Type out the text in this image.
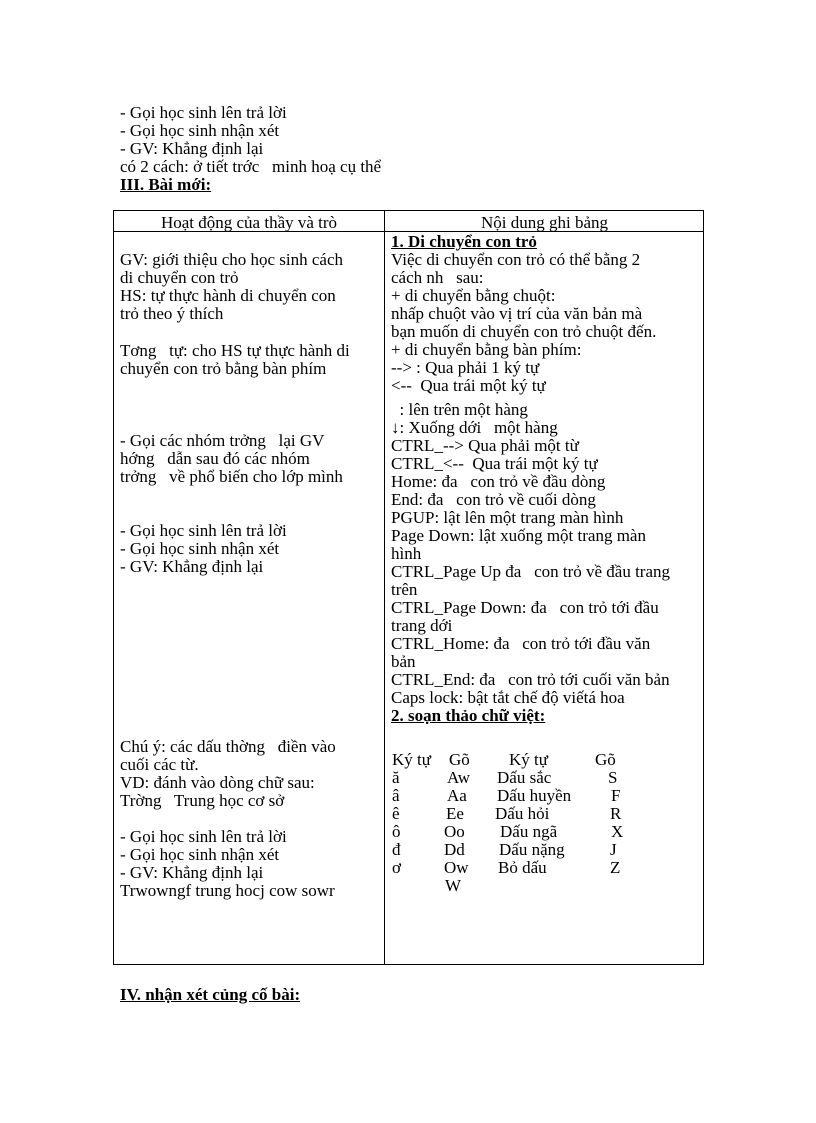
- Gọi học sinh lên trả lời
- Gọi học sinh nhận xét
- GV: Khẳng định lại
có 2 cách: ở tiết trớc   minh hoạ cụ thể
III. Bài mới:
Hoạt động của thầy và trò	Nội dung ghi bảng
GV: giới thiệu cho học sinh cách
di chuyển con trỏ
HS: tự thực hành di chuyển con
trỏ theo ý thích
Tơng   tự: cho HS tự thực hành di
chuyển con trỏ bằng bàn phím
- Gọi các nhóm trởng   lại GV
hớng   dẫn sau đó các nhóm
trởng   về phổ biến cho lớp mình
- Gọi học sinh lên trả lời
- Gọi học sinh nhận xét
- GV: Khẳng định lại
Chú ý: các dấu thờng   điền vào
cuối các từ.
VD: đánh vào dòng chữ sau:
Trờng   Trung học cơ sở
- Gọi học sinh lên trả lời
- Gọi học sinh nhận xét
- GV: Khẳng định lại
Trwowngf trung hocj cow sowr
1. Di chuyển con trỏ
Việc di chuyển con trỏ có thể bằng 2
cách nh   sau:
+ di chuyển bằng chuột:
nhấp chuột vào vị trí của văn bản mà
bạn muốn di chuyển con trỏ chuột đến.
+ di chuyển bằng bàn phím:
--> : Qua phải 1 ký tự
<--  Qua trái một ký tự
: lên trên một hàng
↓: Xuống dới   một hàng
CTRL_--> Qua phải một từ
CTRL_<--  Qua trái một ký tự
Home: đa   con trỏ về đầu dòng
End: đa   con trỏ về cuối dòng
PGUP: lật lên một trang màn hình
Page Down: lật xuống một trang màn
hình
CTRL_Page Up đa   con trỏ về đầu trang
trên
CTRL_Page Down: đa   con trỏ tới đầu
trang dới
CTRL_Home: đa   con trỏ tới đầu văn
bản
CTRL_End: đa   con trỏ tới cuối văn bản
Caps lock: bật tắt chế độ viếtá hoa
2. soạn thảo chữ việt:
Ký tự Gõ Ký tự	Gõ
ă	Aw Dấu sắc	S
â	Aa Dấu huyền F
ê	Ee Dấu hỏi	R
ô	Oo Dấu ngã	X
đ	Dd Dấu nặng	J
ơ	Ow Bỏ dấu	Z
W
IV. nhận xét củng cố bài:
